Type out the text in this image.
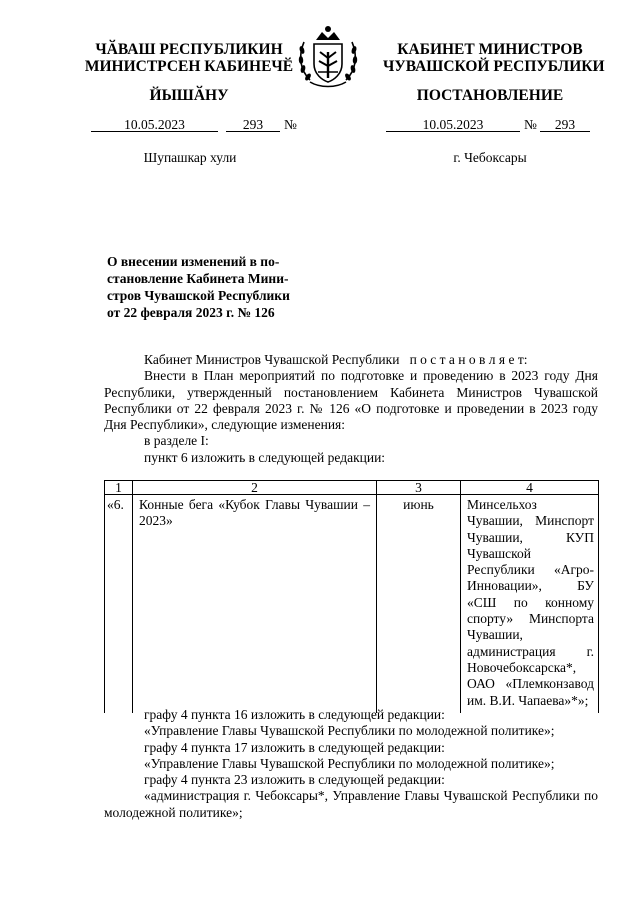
ЧӐВАШ РЕСПУБЛИКИН
МИНИСТРСЕН КАБИНЕЧӖ
ЙЫШӐНУ
КАБИНЕТ МИНИСТРОВ
ЧУВАШСКОЙ РЕСПУБЛИКИ
ПОСТАНОВЛЕНИЕ
10.05.2023	293	№	10.05.2023	№	293
Шупашкар хули	г. Чебоксары
О внесении изменений в по-
становление Кабинета Мини-
стров Чувашской Республики
от 22 февраля 2023 г. № 126
Кабинет Министров Чувашской Республики п о с т а н о в л я е т:
Внести в План мероприятий по подготовке и проведению в 2023 году Дня Республики, утвержденный постановлением Кабинета Министров Чувашской Республики от 22 февраля 2023 г. № 126 «О подготовке и проведении в 2023 году Дня Республики», следующие изменения:
в разделе I:
пункт 6 изложить в следующей редакции:
1	2	3	4
«6.	Конные бега «Кубок Главы Чувашии – 2023»	июнь	Минсельхоз Чувашии, Минспорт Чувашии, КУП Чувашской Республики «Агро-Инновации», БУ «СШ по конному спорту» Минспорта Чувашии, администрация г. Новочебоксарска*, ОАО «Племконзавод им. В.И. Чапаева»*»;
графу 4 пункта 16 изложить в следующей редакции:
«Управление Главы Чувашской Республики по молодежной политике»;
графу 4 пункта 17 изложить в следующей редакции:
«Управление Главы Чувашской Республики по молодежной политике»;
графу 4 пункта 23 изложить в следующей редакции:
«администрация г. Чебоксары*, Управление Главы Чувашской Республики по молодежной политике»;
